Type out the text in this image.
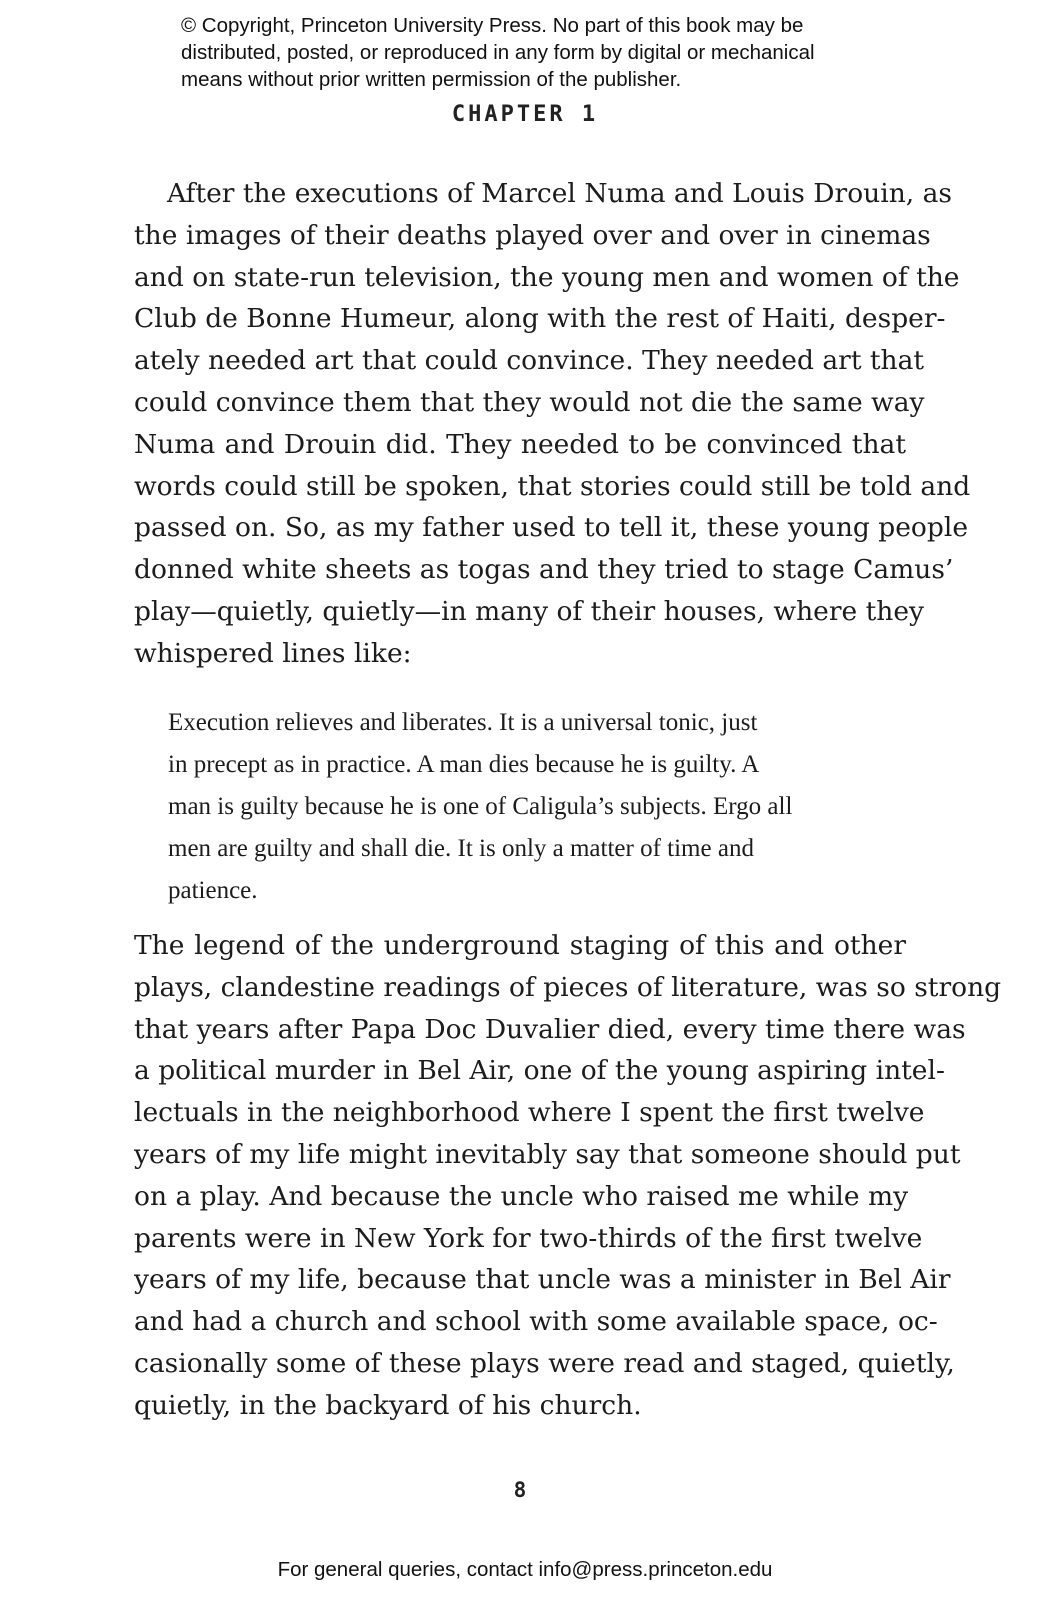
© Copyright, Princeton University Press. No part of this book may be
distributed, posted, or reproduced in any form by digital or mechanical
means without prior written permission of the publisher.
CHAPTER 1
After the executions of Marcel Numa and Louis Drouin, as
the images of their deaths played over and over in cinemas
and on state-run television, the young men and women of the
Club de Bonne Humeur, along with the rest of Haiti, desper-
ately needed art that could convince. They needed art that
could convince them that they would not die the same way
Numa and Drouin did. They needed to be convinced that
words could still be spoken, that stories could still be told and
passed on. So, as my father used to tell it, these young people
donned white sheets as togas and they tried to stage Camus’
play—quietly, quietly—in many of their houses, where they
whispered lines like:
Execution relieves and liberates. It is a universal tonic, just
in precept as in practice. A man dies because he is guilty. A
man is guilty because he is one of Caligula’s subjects. Ergo all
men are guilty and shall die. It is only a matter of time and
patience.
The legend of the underground staging of this and other
plays, clandestine readings of pieces of literature, was so strong
that years after Papa Doc Duvalier died, every time there was
a political murder in Bel Air, one of the young aspiring intel-
lectuals in the neighborhood where I spent the first twelve
years of my life might inevitably say that someone should put
on a play. And because the uncle who raised me while my
parents were in New York for two-thirds of the first twelve
years of my life, because that uncle was a minister in Bel Air
and had a church and school with some available space, oc-
casionally some of these plays were read and staged, quietly,
quietly, in the backyard of his church.
8
For general queries, contact info@press.princeton.edu
